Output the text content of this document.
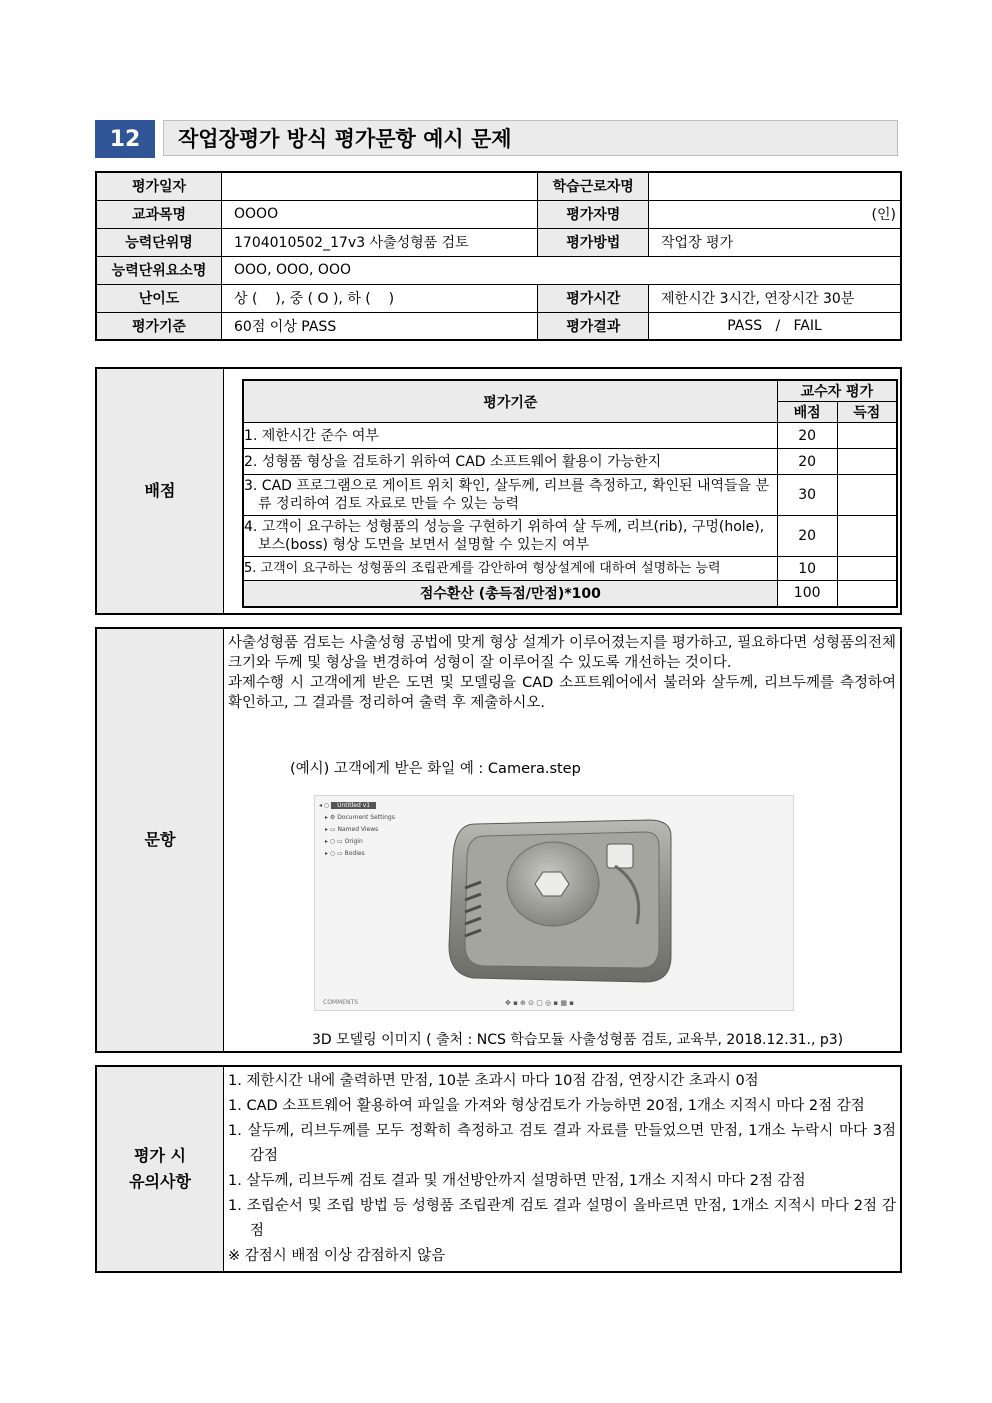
12	작업장평가 방식 평가문항 예시 문제
평가일자		학습근로자명	
교과목명	OOOO	평가자명	(인)
능력단위명	1704010502_17v3 사출성형품 검토	평가방법	작업장 평가
능력단위요소명	OOO, OOO, OOO		
난이도	상 (    ), 중 ( O ), 하 (    )	평가시간	제한시간 3시간, 연장시간 30분
평가기준	60점 이상 PASS	평가결과	PASS   /   FAIL
배점
평가기준	교수자 평가	
	배점	득점
1. 제한시간 준수 여부	20	
2. 성형품 형상을 검토하기 위하여 CAD 소프트웨어 활용이 가능한지	20	
3. CAD 프로그램으로 게이트 위치 확인, 살두께, 리브를 측정하고, 확인된 내역들을 분류 정리하여 검토 자료로 만들 수 있는 능력	30	
4. 고객이 요구하는 성형품의 성능을 구현하기 위하여 살 두께, 리브(rib), 구멍(hole),보스(boss) 형상 도면을 보면서 설명할 수 있는지 여부	20	
5. 고객이 요구하는 성형품의 조립관계를 감안하여 형상설계에 대하여 설명하는 능력	10	
점수환산 (총득점/만점)*100	100	
문항
사출성형품 검토는 사출성형 공법에 맞게 형상 설계가 이루어졌는지를 평가하고, 필요하다면 성형품의전체 크기와 두께 및 형상을 변경하여 성형이 잘 이루어질 수 있도록 개선하는 것이다.
과제수행 시 고객에게 받은 도면 및 모델링을 CAD 소프트웨어에서 불러와 살두께, 리브두께를 측정하여 확인하고, 그 결과를 정리하여 출력 후 제출하시오.
(예시) 고객에게 받은 화일 예 : Camera.step
◂ ○ Untitled v1
▸ ⚙ Document Settings
▸ ▭ Named Views
▸ ○ ▭ Origin
▸ ○ ▭ Bodies
COMMENTS	✥ ▪ ⊕ ⊙ ▢ ◎ ▪ ▦ ▪
3D 모델링 이미지 ( 출처 : NCS 학습모듈 사출성형품 검토, 교육부, 2018.12.31., p3)
평가 시
유의사항
1. 제한시간 내에 출력하면 만점, 10분 초과시 마다 10점 감점, 연장시간 초과시 0점
1. CAD 소프트웨어 활용하여 파일을 가져와 형상검토가 가능하면 20점, 1개소 지적시 마다 2점 감점
1. 살두께, 리브두께를 모두 정확히 측정하고 검토 결과 자료를 만들었으면 만점, 1개소 누락시 마다 3점 감점
1. 살두께, 리브두께 검토 결과 및 개선방안까지 설명하면 만점, 1개소 지적시 마다 2점 감점
1. 조립순서 및 조립 방법 등 성형품 조립관계 검토 결과 설명이 올바르면 만점, 1개소 지적시 마다 2점 감점
※ 감점시 배점 이상 감점하지 않음
